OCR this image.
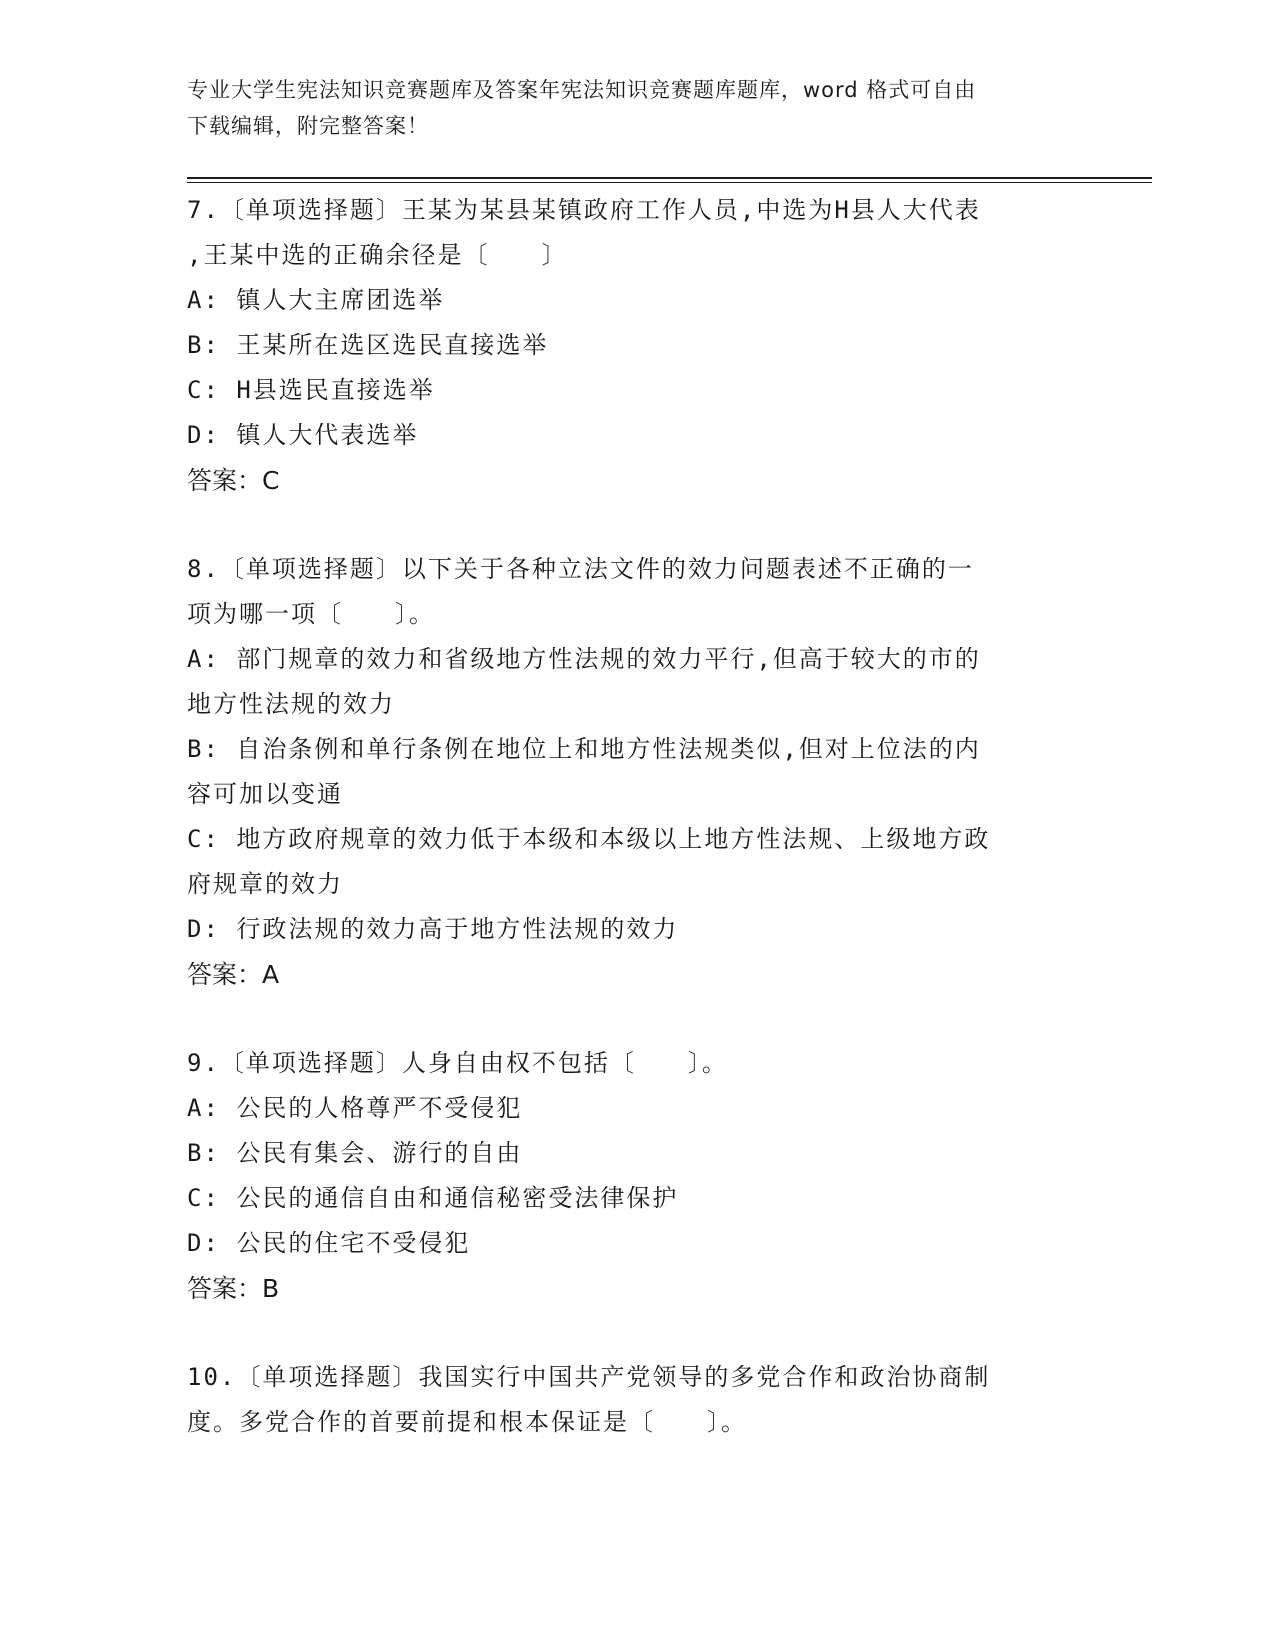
专业大学生宪法知识竞赛题库及答案年宪法知识竞赛题库题库，word 格式可自由
下载编辑，附完整答案！
7.〔单项选择题〕王某为某县某镇政府工作人员,中选为H县人大代表
,王某中选的正确余径是〔　　〕
A: 镇人大主席团选举
B: 王某所在选区选民直接选举
C: H县选民直接选举
D: 镇人大代表选举
答案：C
8.〔单项选择题〕以下关于各种立法文件的效力问题表述不正确的一
项为哪一项〔　　〕。
A: 部门规章的效力和省级地方性法规的效力平行,但高于较大的市的
地方性法规的效力
B: 自治条例和单行条例在地位上和地方性法规类似,但对上位法的内
容可加以变通
C: 地方政府规章的效力低于本级和本级以上地方性法规、上级地方政
府规章的效力
D: 行政法规的效力高于地方性法规的效力
答案：A
9.〔单项选择题〕人身自由权不包括〔　　〕。
A: 公民的人格尊严不受侵犯
B: 公民有集会、游行的自由
C: 公民的通信自由和通信秘密受法律保护
D: 公民的住宅不受侵犯
答案：B
10.〔单项选择题〕我国实行中国共产党领导的多党合作和政治协商制
度。多党合作的首要前提和根本保证是〔　　〕。
